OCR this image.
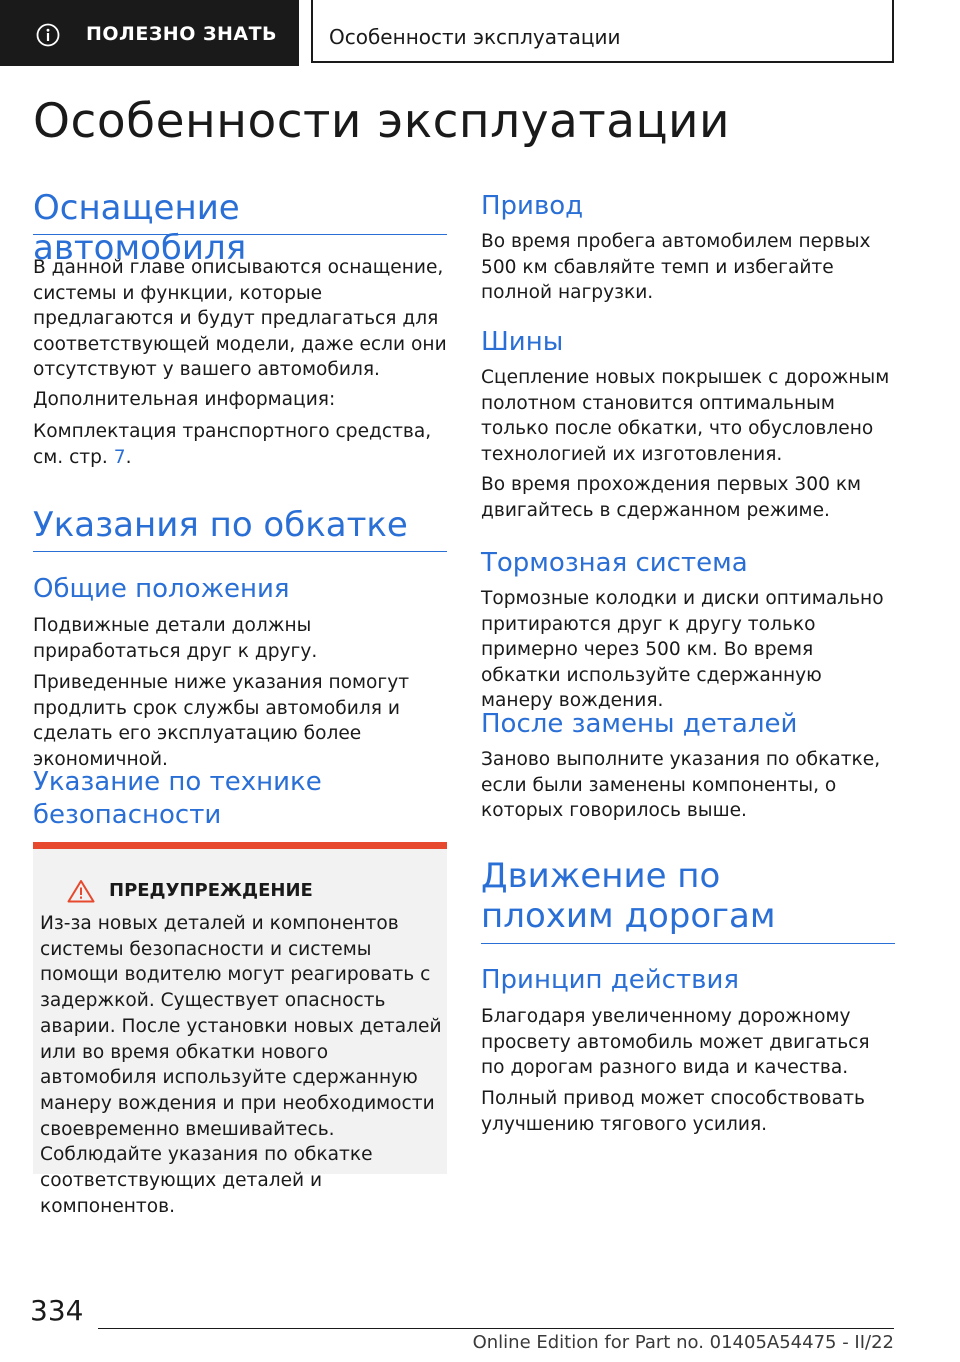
ПОЛЕЗНО ЗНАТЬ	Особенности эксплуатации
Особенности эксплуатации
Оснащение автомобиля

В данной главе описываются оснащение, системы и функции, которые предлагаются и будут предлагаться для соответствующей модели, даже если они отсутствуют у вашего автомобиля.

Дополнительная информация:

Комплектация транспортного средства, см. стр. 7.

Указания по обкатке
Общие положения

Подвижные детали должны приработаться друг к другу.

Приведенные ниже указания помогут продлить срок службы автомобиля и сделать его эксплуатацию более экономичной.

Указание по технике безопасности
ПРЕДУПРЕЖДЕНИЕ

Из-за новых деталей и компонентов системы безопасности и системы помощи водителю могут реагировать с задержкой. Существует опасность аварии. После установки новых деталей или во время обкатки нового автомобиля используйте сдержанную манеру вождения и при необходимости своевременно вмешивайтесь. Соблюдайте указания по обкатке соответствующих деталей и компонентов.

Привод

Во время пробега автомобилем первых 500 км сбавляйте темп и избегайте полной нагрузки.

Шины

Сцепление новых покрышек с дорожным полотном становится оптимальным только после обкатки, что обусловлено технологией их изготовления.

Во время прохождения первых 300 км двигайтесь в сдержанном режиме.

Тормозная система

Тормозные колодки и диски оптимально притираются друг к другу только примерно через 500 км. Во время обкатки используйте сдержанную манеру вождения.

После замены деталей

Заново выполните указания по обкатке, если были заменены компоненты, о которых говорилось выше.

Движение по плохим дорогам
Принцип действия

Благодаря увеличенному дорожному просвету автомобиль может двигаться по дорогам разного вида и качества.

Полный привод может способствовать улучшению тягового усилия.

334
Online Edition for Part no. 01405A54475 - II/22
